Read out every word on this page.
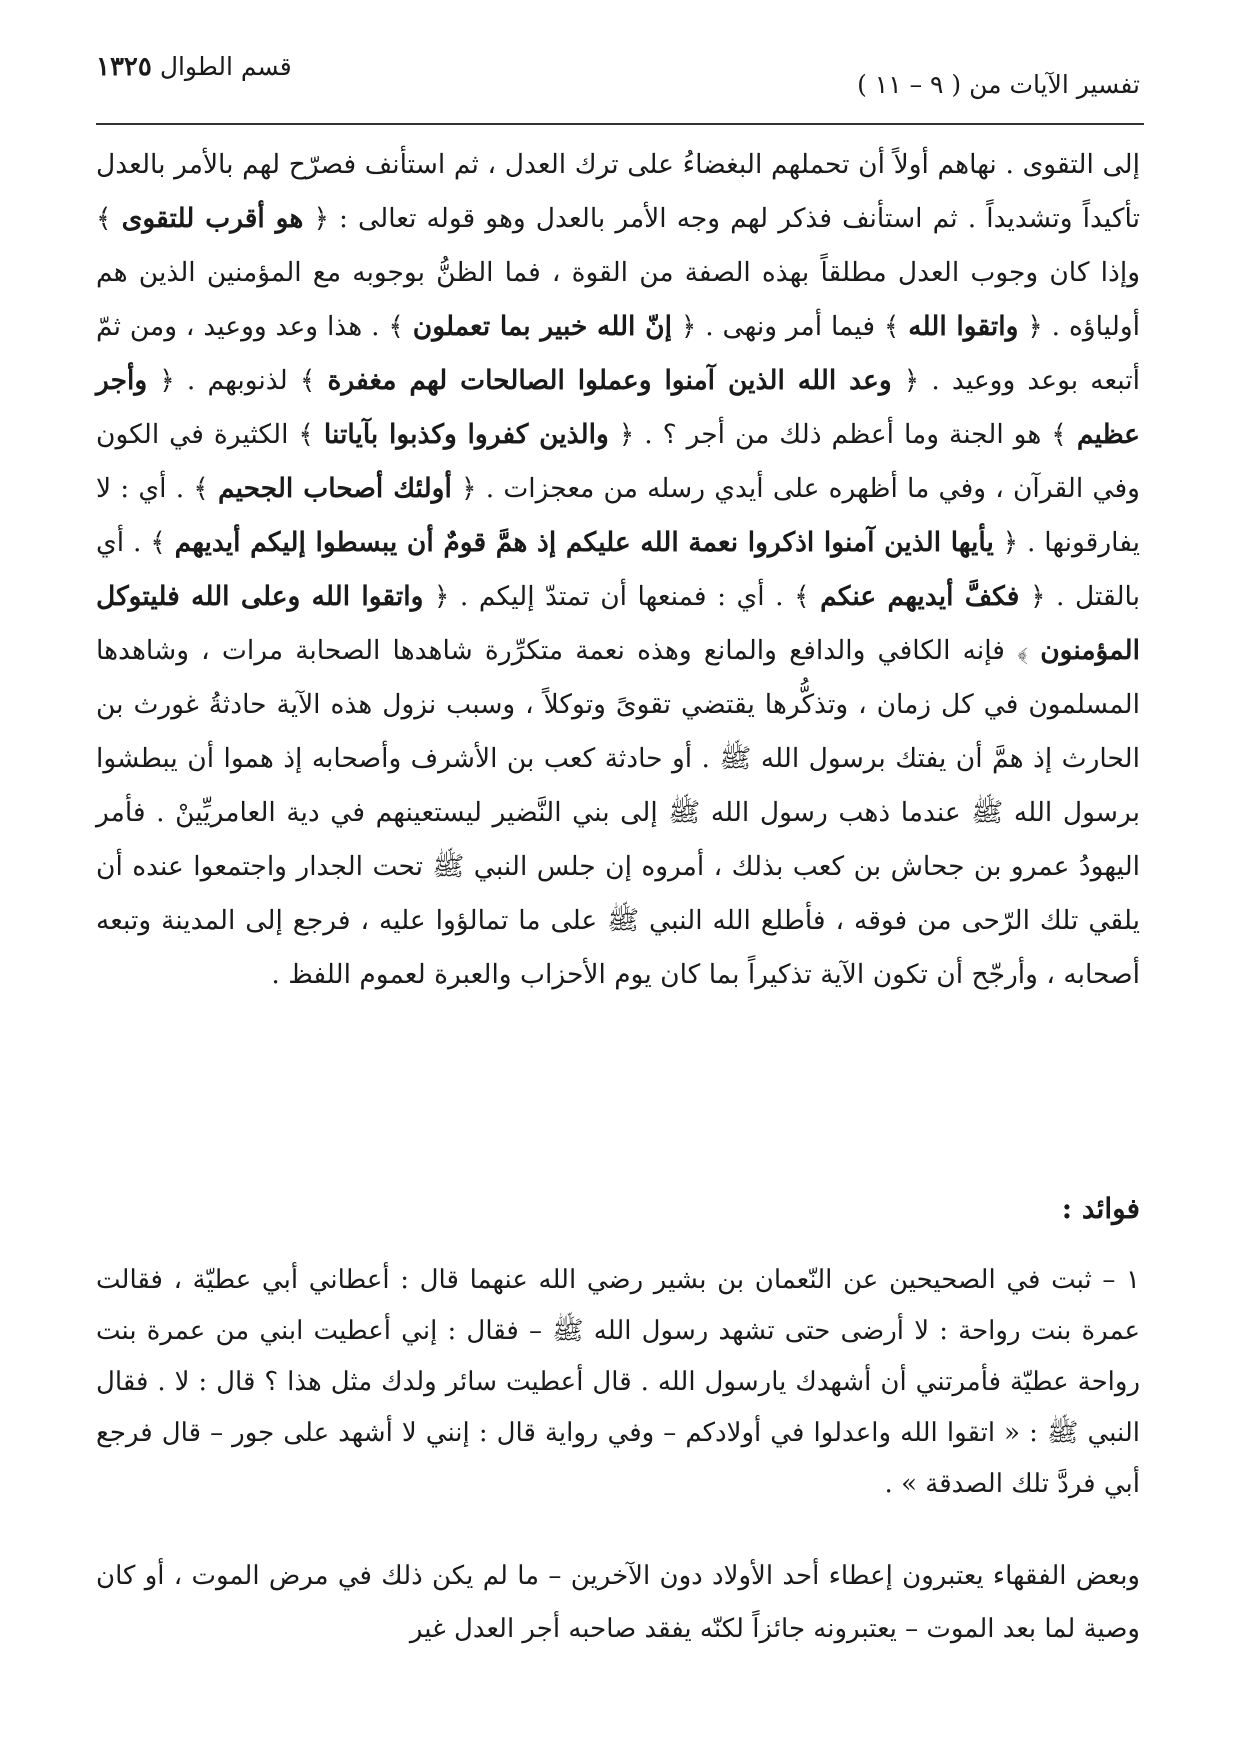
تفسير الآيات من ( ٩ – ١١ )
قسم الطوال ١٣٢٥

إلى التقوى . نهاهم أولاً أن تحملهم البغضاءُ على ترك العدل ، ثم استأنف فصرّح لهم بالأمر بالعدل تأكيداً وتشديداً . ثم استأنف فذكر لهم وجه الأمر بالعدل وهو قوله تعالى : ﴿ هو أقرب للتقوى ﴾ وإذا كان وجوب العدل مطلقاً بهذه الصفة من القوة ، فما الظنُّ بوجوبه مع المؤمنين الذين هم أولياؤه . ﴿ واتقوا الله ﴾ فيما أمر ونهى . ﴿ إنّ الله خبير بما تعملون ﴾ . هذا وعد ووعيد ، ومن ثمّ أتبعه بوعد ووعيد . ﴿ وعد الله الذين آمنوا وعملوا الصالحات لهم مغفرة ﴾ لذنوبهم . ﴿ وأجر عظيم ﴾ هو الجنة وما أعظم ذلك من أجر ؟ . ﴿ والذين كفروا وكذبوا بآياتنا ﴾ الكثيرة في الكون وفي القرآن ، وفي ما أظهره على أيدي رسله من معجزات . ﴿ أولئك أصحاب الجحيم ﴾ . أي : لا يفارقونها . ﴿ يأيها الذين آمنوا اذكروا نعمة الله عليكم إذ همَّ قومٌ أن يبسطوا إليكم أيديهم ﴾ . أي بالقتل . ﴿ فكفَّ أيديهم عنكم ﴾ . أي : فمنعها أن تمتدّ إليكم . ﴿ واتقوا الله وعلى الله فليتوكل المؤمنون ﴾ فإنه الكافي والدافع والمانع وهذه نعمة متكرِّرة شاهدها الصحابة مرات ، وشاهدها المسلمون في كل زمان ، وتذكُّرها يقتضي تقوىً وتوكلاً ، وسبب نزول هذه الآية حادثةُ غورث بن الحارث إذ همَّ أن يفتك برسول الله ﷺ . أو حادثة كعب بن الأشرف وأصحابه إذ هموا أن يبطشوا برسول الله ﷺ عندما ذهب رسول الله ﷺ إلى بني النَّضير ليستعينهم في دية العامريِّينْ . فأمر اليهودُ عمرو بن جحاش بن كعب بذلك ، أمروه إن جلس النبي ﷺ تحت الجدار واجتمعوا عنده أن يلقي تلك الرّحى من فوقه ، فأطلع الله النبي ﷺ على ما تمالؤوا عليه ، فرجع إلى المدينة وتبعه أصحابه ، وأرجّح أن تكون الآية تذكيراً بما كان يوم الأحزاب والعبرة لعموم اللفظ .

فوائد :

١ – ثبت في الصحيحين عن النّعمان بن بشير رضي الله عنهما قال : أعطاني أبي عطيّة ، فقالت عمرة بنت رواحة : لا أرضى حتى تشهد رسول الله ﷺ – فقال : إني أعطيت ابني من عمرة بنت رواحة عطيّة فأمرتني أن أشهدك يارسول الله . قال أعطيت سائر ولدك مثل هذا ؟ قال : لا . فقال النبي ﷺ : « اتقوا الله واعدلوا في أولادكم – وفي رواية قال : إنني لا أشهد على جور – قال فرجع أبي فردَّ تلك الصدقة » .

وبعض الفقهاء يعتبرون إعطاء أحد الأولاد دون الآخرين – ما لم يكن ذلك في مرض الموت ، أو كان وصية لما بعد الموت – يعتبرونه جائزاً لكنّه يفقد صاحبه أجر العدل غير
